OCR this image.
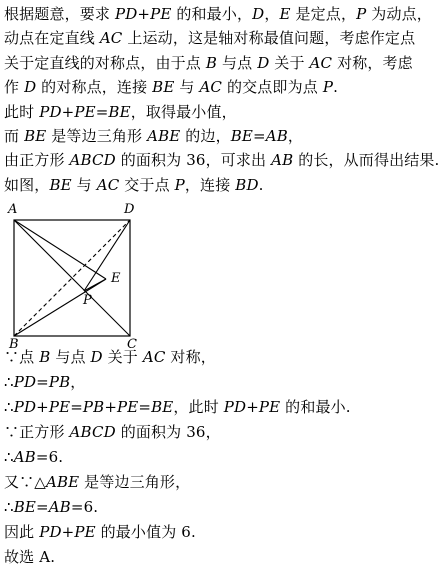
根据题意，要求 PD+PE 的和最小，D，E 是定点，P 为动点，
动点在定直线 AC 上运动，这是轴对称最值问题，考虑作定点
关于定直线的对称点，由于点 B 与点 D 关于 AC 对称，考虑
作 D 的对称点，连接 BE 与 AC 的交点即为点 P.
此时 PD+PE=BE，取得最小值，
而 BE 是等边三角形 ABE 的边，BE=AB，
由正方形 ABCD 的面积为 36，可求出 AB 的长，从而得出结果.
如图，BE 与 AC 交于点 P，连接 BD.
A	D
B	C
E
P
∵点 B 与点 D 关于 AC 对称，
∴PD=PB，
∴PD+PE=PB+PE=BE，此时 PD+PE 的和最小.
∵正方形 ABCD 的面积为 36，
∴AB=6.
又∵△ABE 是等边三角形，
∴BE=AB=6.
因此 PD+PE 的最小值为 6.
故选 A.
